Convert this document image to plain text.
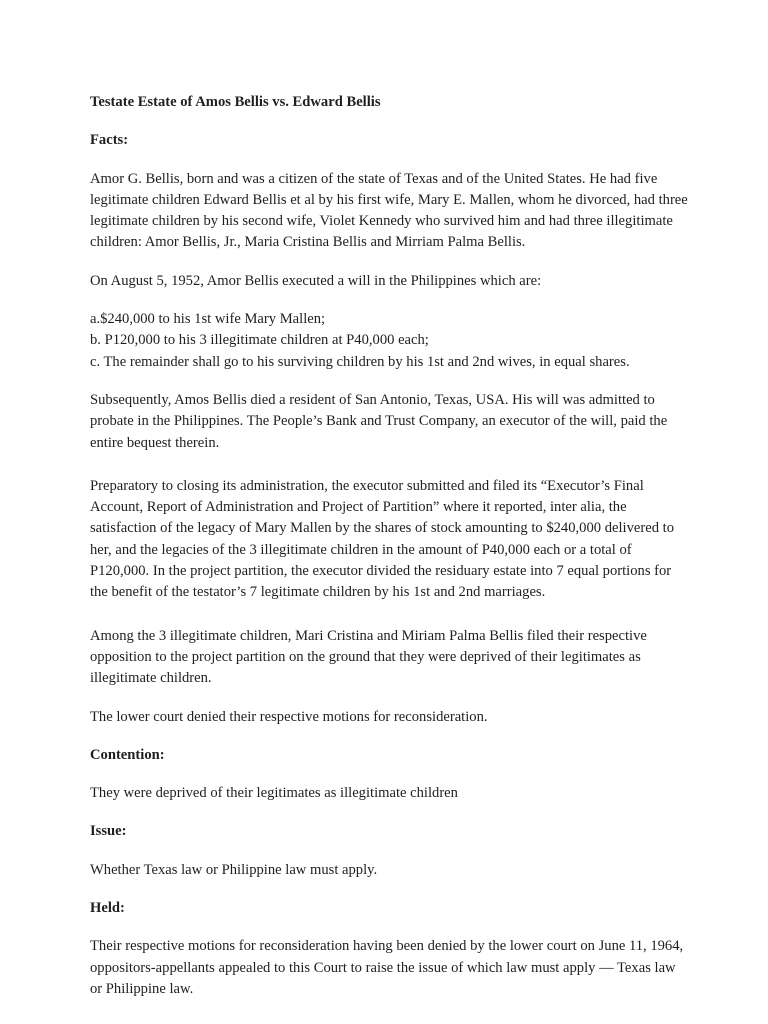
Testate Estate of Amos Bellis vs. Edward Bellis

Facts:

Amor G. Bellis, born and was a citizen of the state of Texas and of the United States. He had five legitimate children Edward Bellis et al by his first wife, Mary E. Mallen, whom he divorced, had three legitimate children by his second wife, Violet Kennedy who survived him and had three illegitimate children: Amor Bellis, Jr., Maria Cristina Bellis and Mirriam Palma Bellis.

On August 5, 1952, Amor Bellis executed a will in the Philippines which are:

a.$240,000 to his 1st wife Mary Mallen;
b. P120,000 to his 3 illegitimate children at P40,000 each;
c. The remainder shall go to his surviving children by his 1st and 2nd wives, in equal shares.

Subsequently, Amos Bellis died a resident of San Antonio, Texas, USA. His will was admitted to probate in the Philippines. The People’s Bank and Trust Company, an executor of the will, paid the entire bequest therein.

Preparatory to closing its administration, the executor submitted and filed its “Executor’s Final Account, Report of Administration and Project of Partition” where it reported, inter alia, the satisfaction of the legacy of Mary Mallen by the shares of stock amounting to $240,000 delivered to her, and the legacies of the 3 illegitimate children in the amount of P40,000 each or a total of P120,000. In the project partition, the executor divided the residuary estate into 7 equal portions for the benefit of the testator’s 7 legitimate children by his 1st and 2nd marriages.

Among the 3 illegitimate children, Mari Cristina and Miriam Palma Bellis filed their respective opposition to the project partition on the ground that they were deprived of their legitimates as illegitimate children.

The lower court denied their respective motions for reconsideration.

Contention:

They were deprived of their legitimates as illegitimate children

Issue:

Whether Texas law or Philippine law must apply.

Held:

Their respective motions for reconsideration having been denied by the lower court on June 11, 1964, oppositors-appellants appealed to this Court to raise the issue of which law must apply — Texas law or Philippine law.
